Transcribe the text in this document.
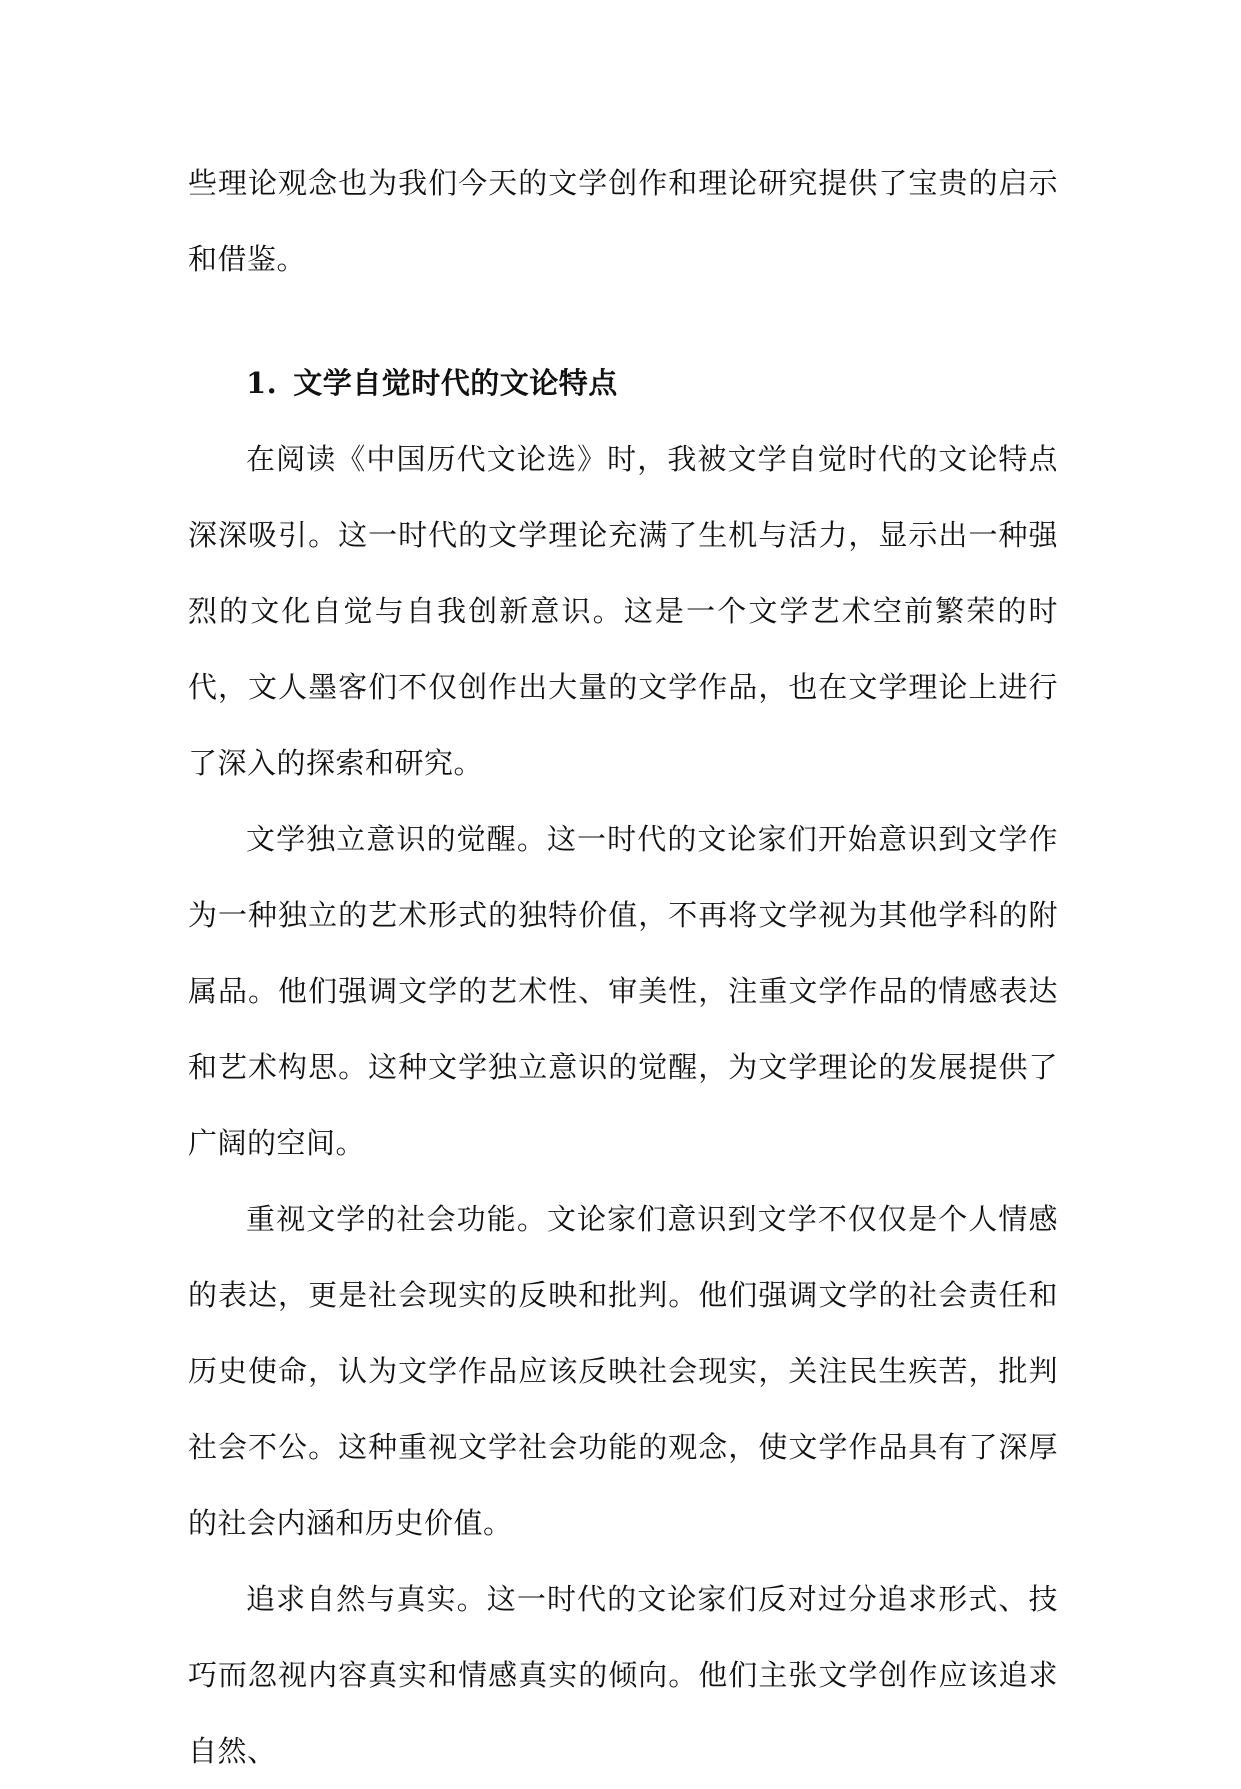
些理论观念也为我们今天的文学创作和理论研究提供了宝贵的启示和借鉴。

1. 文学自觉时代的文论特点

在阅读《中国历代文论选》时，我被文学自觉时代的文论特点深深吸引。这一时代的文学理论充满了生机与活力，显示出一种强烈的文化自觉与自我创新意识。这是一个文学艺术空前繁荣的时代，文人墨客们不仅创作出大量的文学作品，也在文学理论上进行了深入的探索和研究。

文学独立意识的觉醒。这一时代的文论家们开始意识到文学作为一种独立的艺术形式的独特价值，不再将文学视为其他学科的附属品。他们强调文学的艺术性、审美性，注重文学作品的情感表达和艺术构思。这种文学独立意识的觉醒，为文学理论的发展提供了广阔的空间。

重视文学的社会功能。文论家们意识到文学不仅仅是个人情感的表达，更是社会现实的反映和批判。他们强调文学的社会责任和历史使命，认为文学作品应该反映社会现实，关注民生疾苦，批判社会不公。这种重视文学社会功能的观念，使文学作品具有了深厚的社会内涵和历史价值。

追求自然与真实。这一时代的文论家们反对过分追求形式、技巧而忽视内容真实和情感真实的倾向。他们主张文学创作应该追求自然、
